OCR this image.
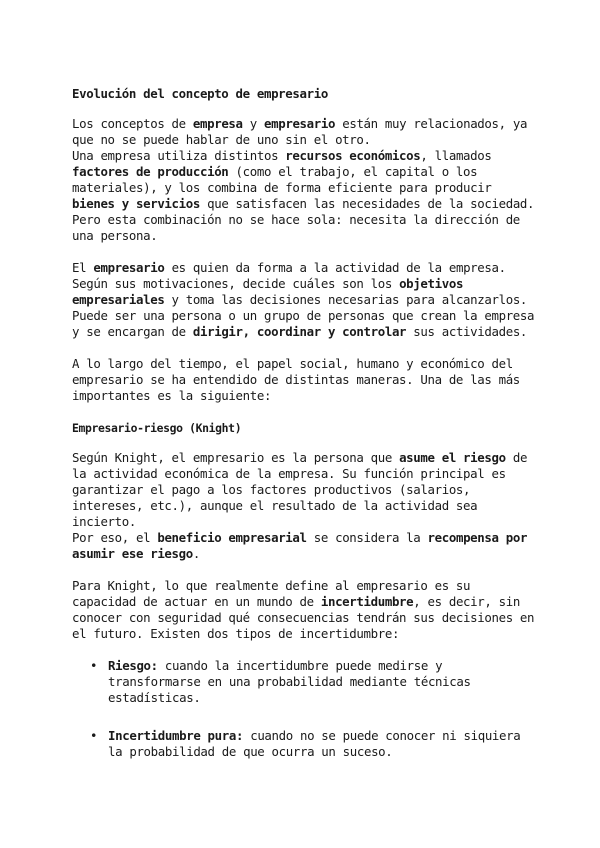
Evolución del concepto de empresario

Los conceptos de empresa y empresario están muy relacionados, ya que no se puede hablar de uno sin el otro.

Una empresa utiliza distintos recursos económicos, llamados factores de producción (como el trabajo, el capital o los materiales), y los combina de forma eficiente para producir bienes y servicios que satisfacen las necesidades de la sociedad.

Pero esta combinación no se hace sola: necesita la dirección de una persona.

El empresario es quien da forma a la actividad de la empresa. Según sus motivaciones, decide cuáles son los objetivos empresariales y toma las decisiones necesarias para alcanzarlos. Puede ser una persona o un grupo de personas que crean la empresa y se encargan de dirigir, coordinar y controlar sus actividades.

A lo largo del tiempo, el papel social, humano y económico del empresario se ha entendido de distintas maneras. Una de las más importantes es la siguiente:

Empresario-riesgo (Knight)

Según Knight, el empresario es la persona que asume el riesgo de la actividad económica de la empresa. Su función principal es garantizar el pago a los factores productivos (salarios, intereses, etc.), aunque el resultado de la actividad sea incierto.

Por eso, el beneficio empresarial se considera la recompensa por asumir ese riesgo.

Para Knight, lo que realmente define al empresario es su capacidad de actuar en un mundo de incertidumbre, es decir, sin conocer con seguridad qué consecuencias tendrán sus decisiones en el futuro. Existen dos tipos de incertidumbre:

• Riesgo: cuando la incertidumbre puede medirse y transformarse en una probabilidad mediante técnicas estadísticas.
• Incertidumbre pura: cuando no se puede conocer ni siquiera la probabilidad de que ocurra un suceso.
